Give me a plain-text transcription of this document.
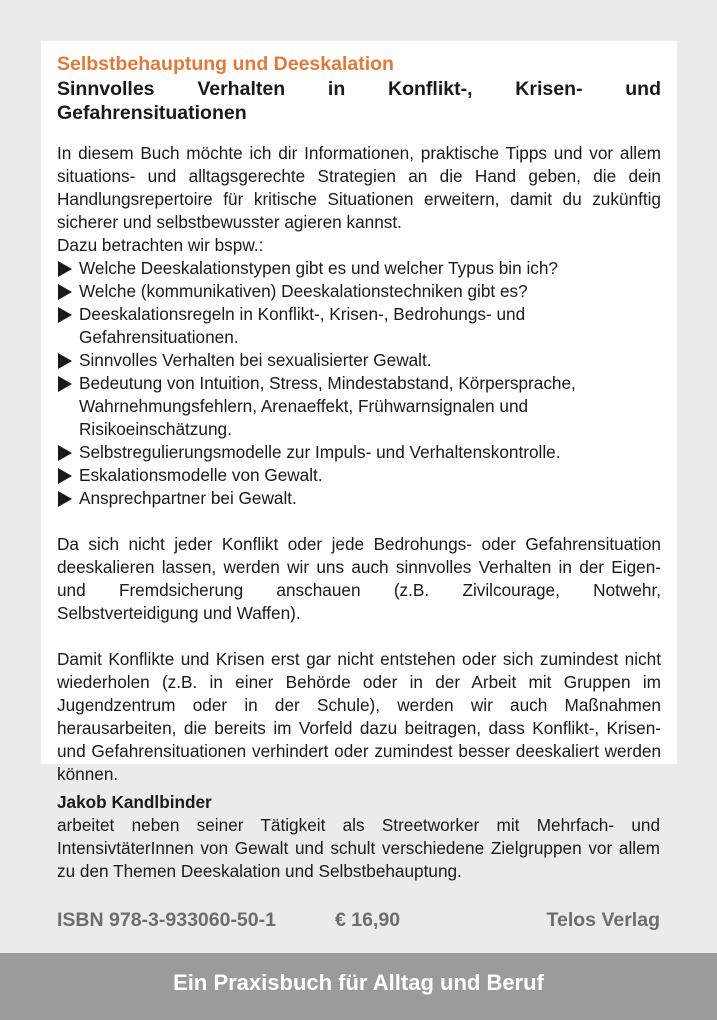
Selbstbehauptung und Deeskalation

Sinnvolles Verhalten in Konflikt-, Krisen- und Gefahrensituationen

In diesem Buch möchte ich dir Informationen, praktische Tipps und vor allem situations- und alltagsgerechte Strategien an die Hand geben, die dein Handlungsrepertoire für kritische Situationen erweitern, damit du zukünftig sicherer und selbstbewusster agieren kannst.

Dazu betrachten wir bspw.:

Welche Deeskalationstypen gibt es und welcher Typus bin ich?
Welche (kommunikativen) Deeskalationstechniken gibt es?
Deeskalationsregeln in Konflikt-, Krisen-, Bedrohungs- und Gefahrensituationen.
Sinnvolles Verhalten bei sexualisierter Gewalt.
Bedeutung von Intuition, Stress, Mindestabstand, Körpersprache, Wahrnehmungsfehlern, Arenaeffekt, Frühwarnsignalen und Risikoeinschätzung.
Selbstregulierungsmodelle zur Impuls- und Verhaltenskontrolle.
Eskalationsmodelle von Gewalt.
Ansprechpartner bei Gewalt.

Da sich nicht jeder Konflikt oder jede Bedrohungs- oder Gefahrensituation deeskalieren lassen, werden wir uns auch sinnvolles Verhalten in der Eigen- und Fremdsicherung anschauen (z.B. Zivilcourage, Notwehr, Selbstverteidigung und Waffen).

Damit Konflikte und Krisen erst gar nicht entstehen oder sich zumindest nicht wiederholen (z.B. in einer Behörde oder in der Arbeit mit Gruppen im Jugendzentrum oder in der Schule), werden wir auch Maßnahmen herausarbeiten, die bereits im Vorfeld dazu beitragen, dass Konflikt-, Krisen- und Gefahrensituationen verhindert oder zumindest besser deeskaliert werden können.

Jakob Kandlbinder

arbeitet neben seiner Tätigkeit als Streetworker mit Mehrfach- und IntensivtäterInnen von Gewalt und schult verschiedene Zielgruppen vor allem zu den Themen Deeskalation und Selbstbehauptung.

ISBN 978-3-933060-50-1	€ 16,90	Telos Verlag
Ein Praxisbuch für Alltag und Beruf
